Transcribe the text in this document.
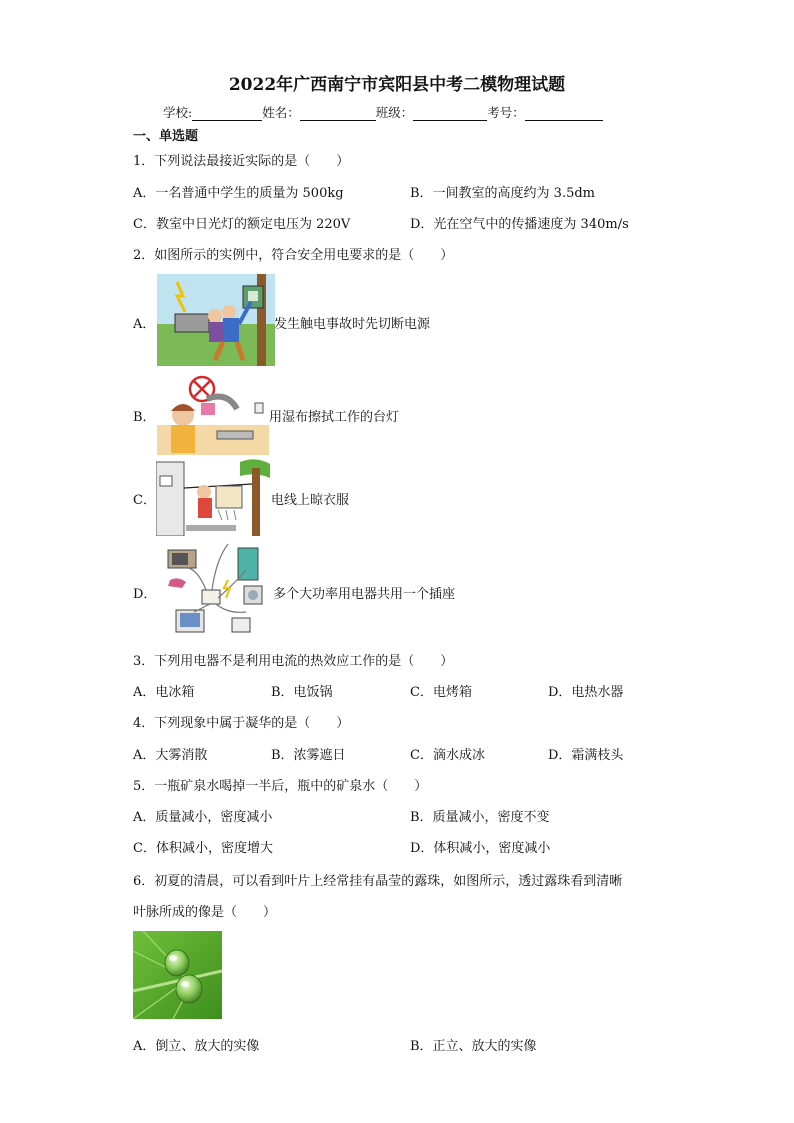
2022年广西南宁市宾阳县中考二模物理试题
学校:	姓名：	班级：	考号：
一、单选题
1．下列说法最接近实际的是（　　）
A．一名普通中学生的质量为 500kg	B．一间教室的高度约为 3.5dm
C．教室中日光灯的额定电压为 220V	D．光在空气中的传播速度为 340m/s
2．如图所示的实例中，符合安全用电要求的是（　　）
A．	发生触电事故时先切断电源
B．	用湿布擦拭工作的台灯
C．	电线上晾衣服
D．	多个大功率用电器共用一个插座
3．下列用电器不是利用电流的热效应工作的是（　　）
A．电冰箱	B．电饭锅	C．电烤箱	D．电热水器
4．下列现象中属于凝华的是（　　）
A．大雾消散	B．浓雾遮日	C．滴水成冰	D．霜满枝头
5．一瓶矿泉水喝掉一半后，瓶中的矿泉水（　　）
A．质量减小，密度减小	B．质量减小，密度不变
C．体积减小，密度增大	D．体积减小，密度减小
6．初夏的清晨，可以看到叶片上经常挂有晶莹的露珠，如图所示，透过露珠看到清晰
叶脉所成的像是（　　）
A．倒立、放大的实像	B．正立、放大的实像
